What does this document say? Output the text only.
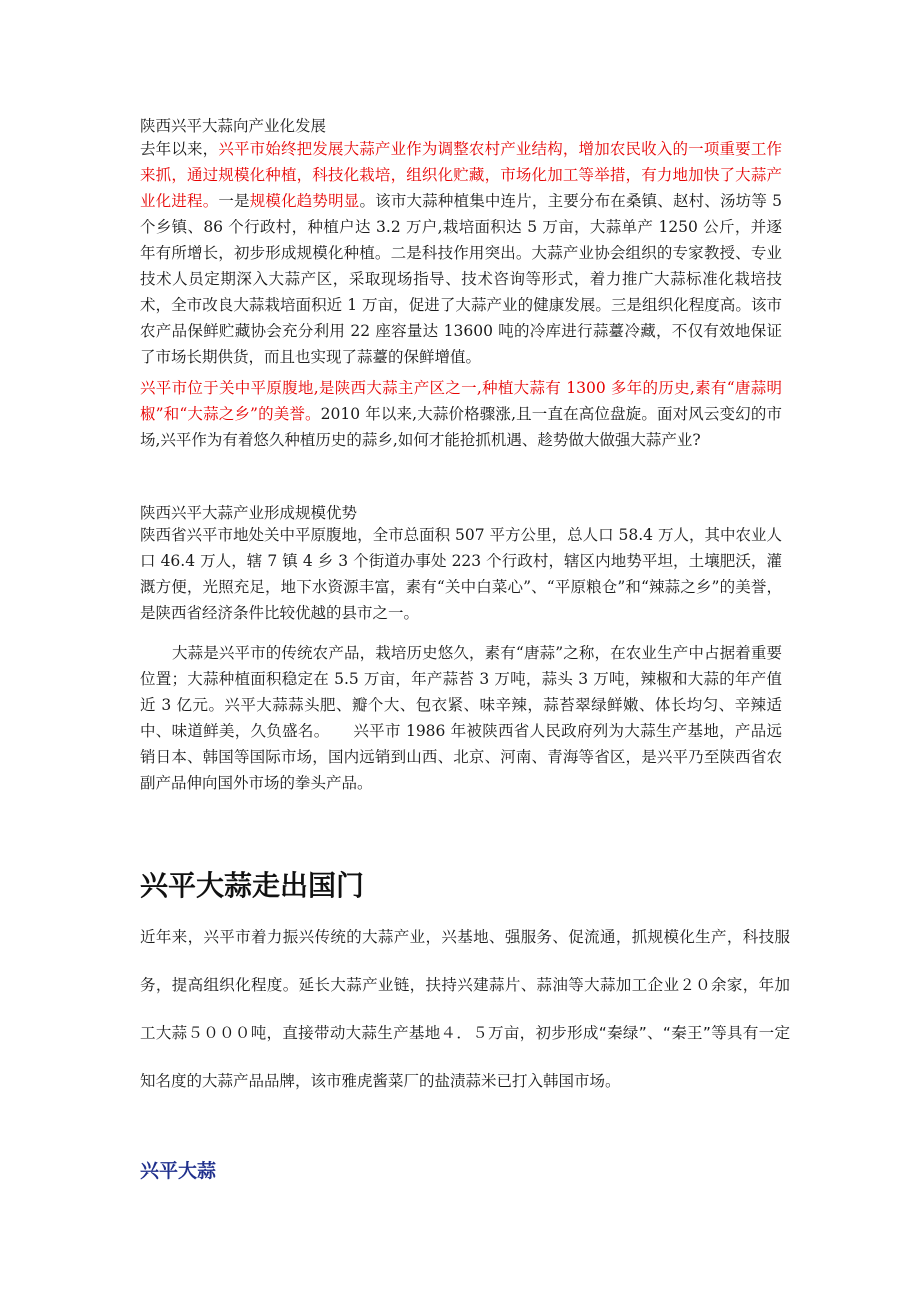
陕西兴平大蒜向产业化发展

去年以来，兴平市始终把发展大蒜产业作为调整农村产业结构，增加农民收入的一项重要工作来抓，通过规模化种植，科技化栽培，组织化贮藏，市场化加工等举措，有力地加快了大蒜产业化进程。一是规模化趋势明显。该市大蒜种植集中连片，主要分布在桑镇、赵村、汤坊等 5 个乡镇、86 个行政村，种植户达 3.2 万户,栽培面积达 5 万亩，大蒜单产 1250 公斤，并逐年有所增长，初步形成规模化种植。二是科技作用突出。大蒜产业协会组织的专家教授、专业技术人员定期深入大蒜产区，采取现场指导、技术咨询等形式，着力推广大蒜标准化栽培技术，全市改良大蒜栽培面积近 1 万亩，促进了大蒜产业的健康发展。三是组织化程度高。该市农产品保鲜贮藏协会充分利用 22 座容量达 13600 吨的冷库进行蒜薹冷藏，不仅有效地保证了市场长期供货，而且也实现了蒜薹的保鲜增值。

兴平市位于关中平原腹地,是陕西大蒜主产区之一,种植大蒜有 1300 多年的历史,素有“唐蒜明椒”和“大蒜之乡”的美誉。2010 年以来,大蒜价格骤涨,且一直在高位盘旋。面对风云变幻的市场,兴平作为有着悠久种植历史的蒜乡,如何才能抢抓机遇、趁势做大做强大蒜产业?

陕西兴平大蒜产业形成规模优势

陕西省兴平市地处关中平原腹地，全市总面积 507 平方公里，总人口 58.4 万人，其中农业人口 46.4 万人，辖 7 镇 4 乡 3 个街道办事处 223 个行政村，辖区内地势平坦，土壤肥沃，灌溉方便，光照充足，地下水资源丰富，素有“关中白菜心”、“平原粮仓”和“辣蒜之乡”的美誉，是陕西省经济条件比较优越的县市之一。

大蒜是兴平市的传统农产品，栽培历史悠久，素有“唐蒜”之称，在农业生产中占据着重要位置；大蒜种植面积稳定在 5.5 万亩，年产蒜苔 3 万吨，蒜头 3 万吨，辣椒和大蒜的年产值近 3 亿元。兴平大蒜蒜头肥、瓣个大、包衣紧、味辛辣，蒜苔翠绿鲜嫩、体长均匀、辛辣适中、味道鲜美，久负盛名。　　兴平市 1986 年被陕西省人民政府列为大蒜生产基地，产品远销日本、韩国等国际市场，国内远销到山西、北京、河南、青海等省区，是兴平乃至陕西省农副产品伸向国外市场的拳头产品。

兴平大蒜走出国门

近年来，兴平市着力振兴传统的大蒜产业，兴基地、强服务、促流通，抓规模化生产，科技服务，提高组织化程度。延长大蒜产业链，扶持兴建蒜片、蒜油等大蒜加工企业２０余家，年加工大蒜５０００吨，直接带动大蒜生产基地４．５万亩，初步形成“秦绿”、“秦王”等具有一定知名度的大蒜产品品牌，该市雅虎酱菜厂的盐渍蒜米已打入韩国市场。

兴平大蒜
